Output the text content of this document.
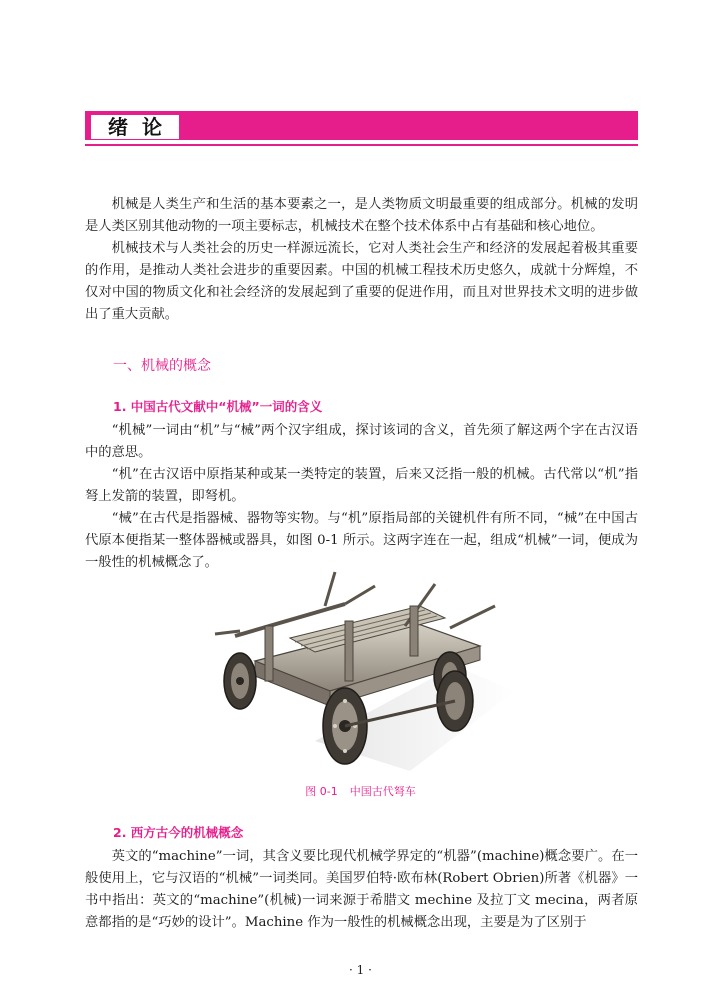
绪论

机械是人类生产和生活的基本要素之一，是人类物质文明最重要的组成部分。机械的发明是人类区别其他动物的一项主要标志，机械技术在整个技术体系中占有基础和核心地位。

机械技术与人类社会的历史一样源远流长，它对人类社会生产和经济的发展起着极其重要的作用，是推动人类社会进步的重要因素。中国的机械工程技术历史悠久，成就十分辉煌，不仅对中国的物质文化和社会经济的发展起到了重要的促进作用，而且对世界技术文明的进步做出了重大贡献。

一、机械的概念
1. 中国古代文献中“机械”一词的含义

“机械”一词由“机”与“械”两个汉字组成，探讨该词的含义，首先须了解这两个字在古汉语中的意思。

“机”在古汉语中原指某种或某一类特定的装置，后来又泛指一般的机械。古代常以“机”指弩上发箭的装置，即弩机。

“械”在古代是指器械、器物等实物。与“机”原指局部的关键机件有所不同，“械”在中国古代原本便指某一整体器械或器具，如图 0-1 所示。这两字连在一起，组成“机械”一词，便成为一般性的机械概念了。

图 0-1 中国古代弩车
2. 西方古今的机械概念

英文的“machine”一词，其含义要比现代机械学界定的“机器”(machine)概念要广。在一般使用上，它与汉语的“机械”一词类同。美国罗伯特·欧布林(Robert Obrien)所著《机器》一书中指出：英文的“machine”(机械)一词来源于希腊文 mechine 及拉丁文 mecina，两者原意都指的是“巧妙的设计”。Machine 作为一般性的机械概念出现，主要是为了区别于

· 1 ·
